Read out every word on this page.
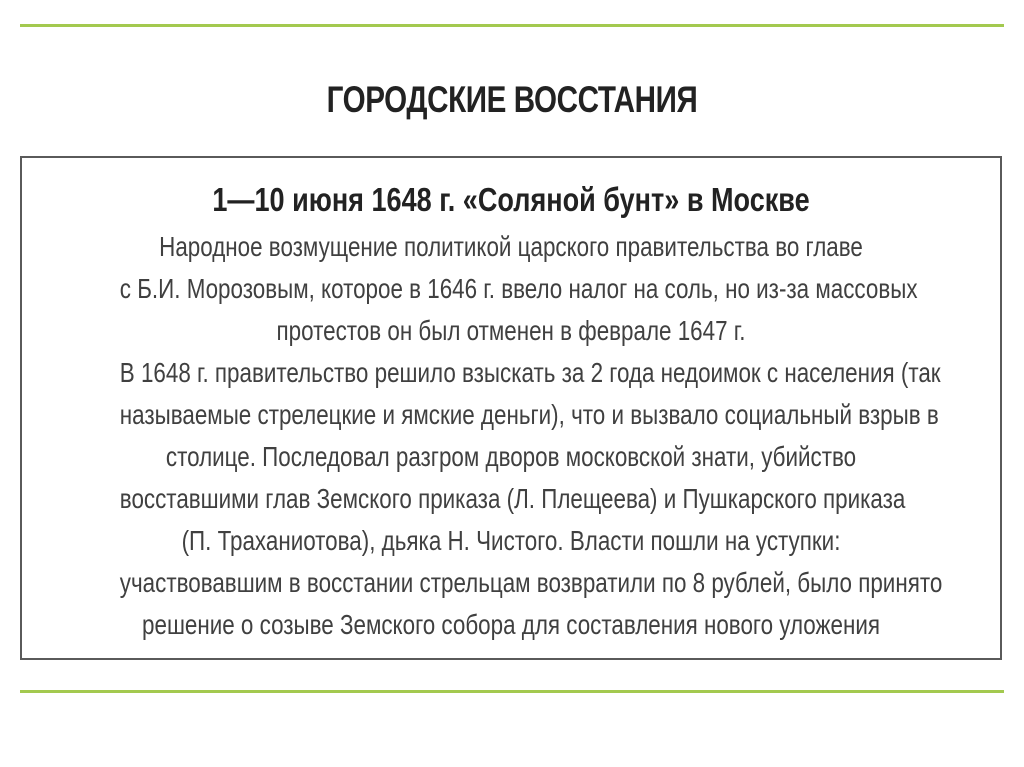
ГОРОДСКИЕ ВОССТАНИЯ
1—10 июня 1648 г. «Соляной бунт» в Москве
Народное возмущение политикой царского правительства во главе
с Б.И. Морозовым, которое в 1646 г. ввело налог на соль, но из-за массовых
протестов он был отменен в феврале 1647 г.
В 1648 г. правительство решило взыскать за 2 года недоимок с населения (так
называемые стрелецкие и ямские деньги), что и вызвало социальный взрыв в
столице. Последовал разгром дворов московской знати, убийство
восставшими глав Земского приказа (Л. Плещеева) и Пушкарского приказа
(П. Траханиотова), дьяка Н. Чистого. Власти пошли на уступки:
участвовавшим в восстании стрельцам возвратили по 8 рублей, было принято
решение о созыве Земского собора для составления нового уложения
